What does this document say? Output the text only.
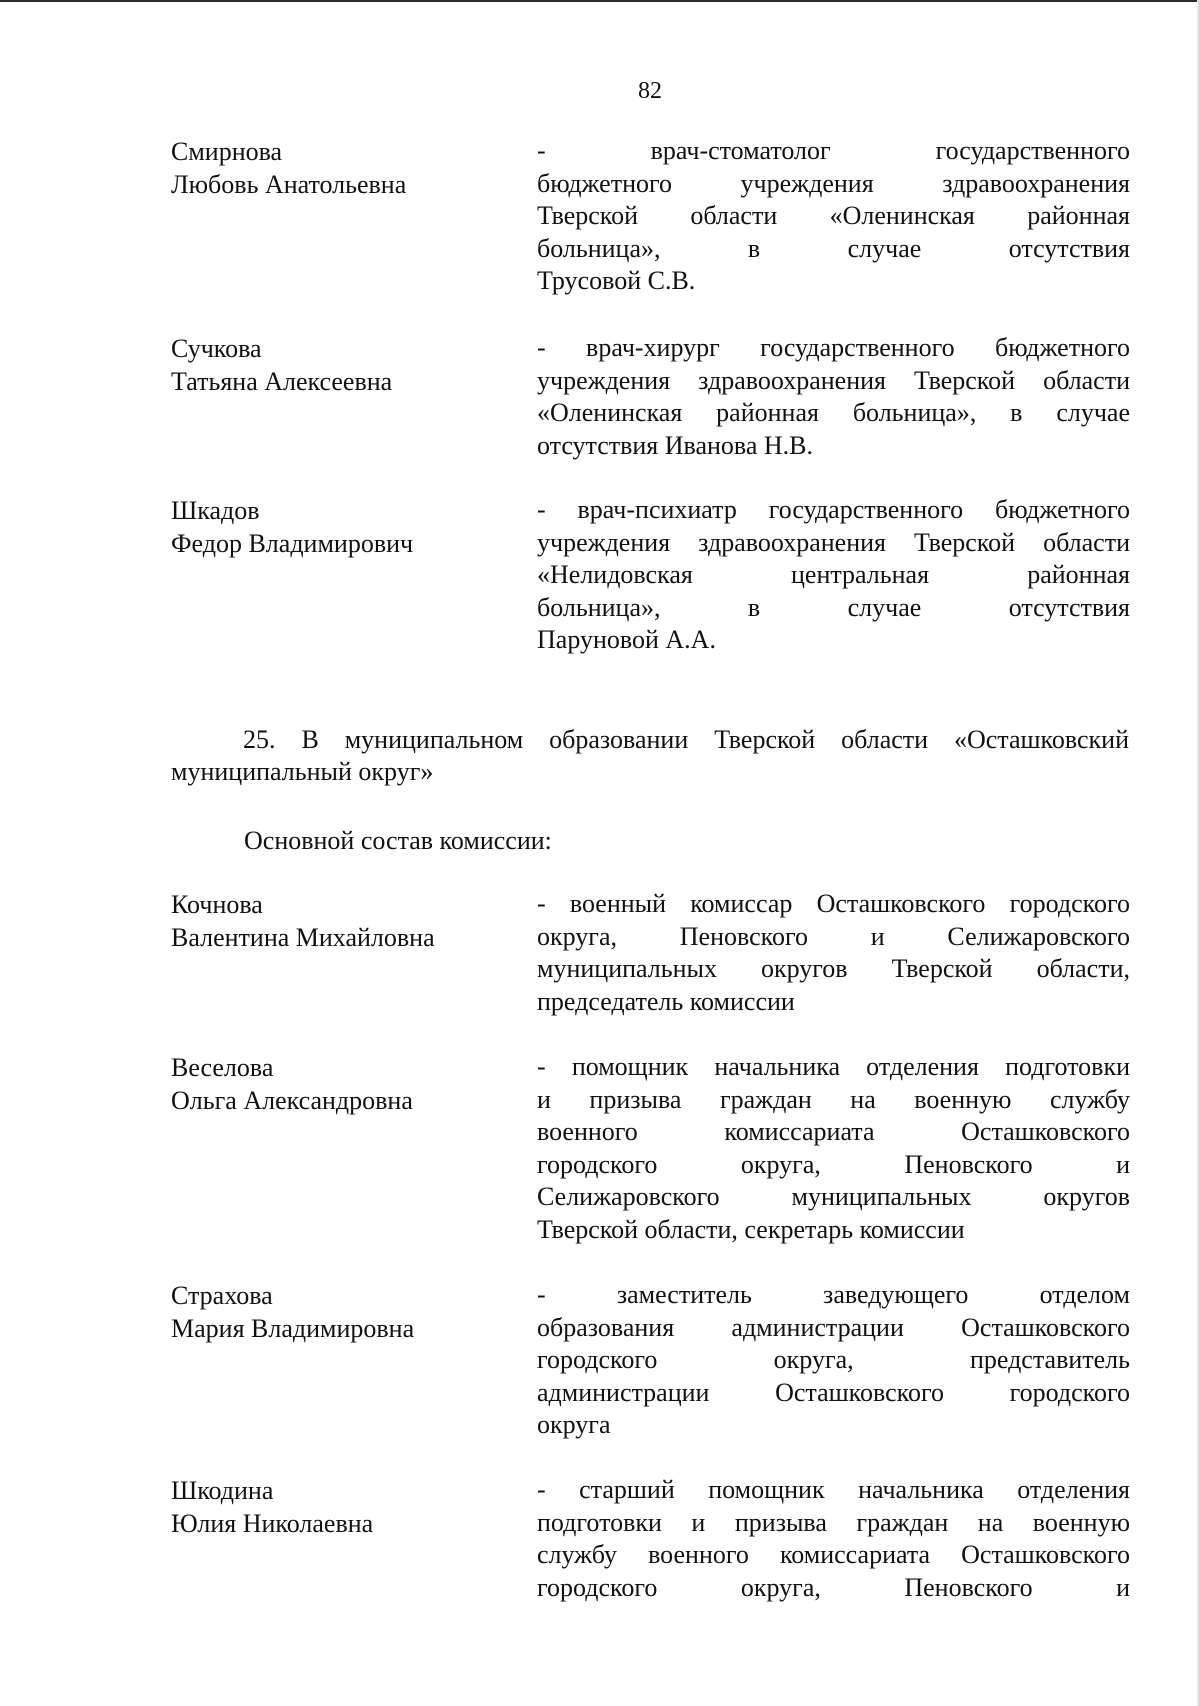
82
Смирнова
Любовь Анатольевна
- врач-стоматолог государственного
бюджетного учреждения здравоохранения
Тверской области «Оленинская районная
больница», в случае отсутствия
Трусовой С.В.
Сучкова
Татьяна Алексеевна
- врач-хирург государственного бюджетного
учреждения здравоохранения Тверской области
«Оленинская районная больница», в случае
отсутствия Иванова Н.В.
Шкадов
Федор Владимирович
- врач-психиатр государственного бюджетного
учреждения здравоохранения Тверской области
«Нелидовская центральная районная
больница», в случае отсутствия
Паруновой А.А.
25. В муниципальном образовании Тверской области «Осташковский
муниципальный округ»
Основной состав комиссии:
Кочнова
Валентина Михайловна
- военный комиссар Осташковского городского
округа, Пеновского и Селижаровского
муниципальных округов Тверской области,
председатель комиссии
Веселова
Ольга Александровна
- помощник начальника отделения подготовки
и призыва граждан на военную службу
военного комиссариата Осташковского
городского округа, Пеновского и
Селижаровского муниципальных округов
Тверской области, секретарь комиссии
Страхова
Мария Владимировна
- заместитель заведующего отделом
образования администрации Осташковского
городского округа, представитель
администрации Осташковского городского
округа
Шкодина
Юлия Николаевна
- старший помощник начальника отделения
подготовки и призыва граждан на военную
службу военного комиссариата Осташковского
городского округа, Пеновского и
